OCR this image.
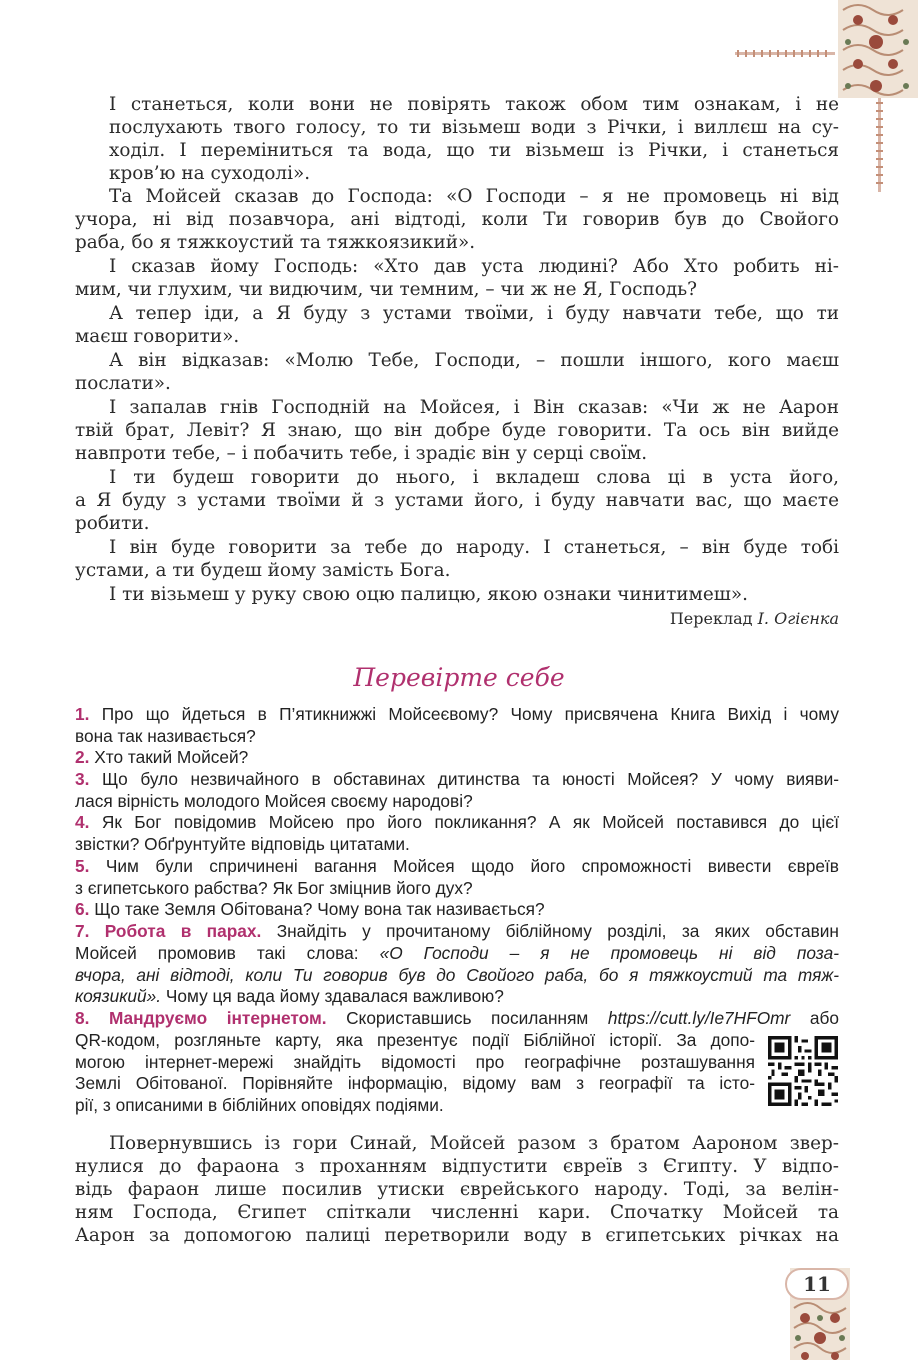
І станеться, коли вони не повірять також обом тим ознакам, і не
послухають твого голосу, то ти візьмеш води з Річки, і виллєш на су-
ходіл. І переміниться та вода, що ти візьмеш із Річки, і станеться
кров’ю на суходолі».

Та Мойсей сказав до Господа: «О Господи – я не промовець ні від
учора, ні від позавчора, ані відтоді, коли Ти говорив був до Свойого
раба, бо я тяжкоустий та тяжкоязикий».

І сказав йому Господь: «Хто дав уста людині? Або Хто робить ні-
мим, чи глухим, чи видючим, чи темним, – чи ж не Я, Господь?

А тепер іди, а Я буду з устами твоїми, і буду навчати тебе, що ти
маєш говорити».

А він відказав: «Молю Тебе, Господи, – пошли іншого, кого маєш
послати».

І запалав гнів Господній на Мойсея, і Він сказав: «Чи ж не Аарон
твій брат, Левіт? Я знаю, що він добре буде говорити. Та ось він вийде
навпроти тебе, – і побачить тебе, і зрадіє він у серці своїм.

І ти будеш говорити до нього, і вкладеш слова ці в уста його,
а Я буду з устами твоїми й з устами його, і буду навчати вас, що маєте
робити.

І він буде говорити за тебе до народу. І станеться, – він буде тобі
устами, а ти будеш йому замість Бога.

І ти візьмеш у руку свою оцю палицю, якою ознаки чинитимеш».

Переклад І. Огієнка
Перевірте себе

1. Про що йдеться в П’ятикнижжі Мойсеєвому? Чому присвячена Книга Вихід і чому
вона так називається?

2. Хто такий Мойсей?

3. Що було незвичайного в обставинах дитинства та юності Мойсея? У чому вияви-
лася вірність молодого Мойсея своєму народові?

4. Як Бог повідомив Мойсею про його покликання? А як Мойсей поставився до цієї
звістки? Обґрунтуйте відповідь цитатами.

5. Чим були спричинені вагання Мойсея щодо його спроможності вивести євреїв
з єгипетського рабства? Як Бог зміцнив його дух?

6. Що таке Земля Обітована? Чому вона так називається?

7. Робота в парах. Знайдіть у прочитаному біблійному розділі, за яких обставин
Мойсей промовив такі слова: «О Господи – я не промовець ні від поза-
вчора, ані відтоді, коли Ти говорив був до Свойого раба, бо я тяжкоустий та тяж-
коязикий». Чому ця вада йому здавалася важливою?

8. Мандруємо інтернетом. Скориставшись посиланням https://cutt.ly/Ie7HFOmr або
QR-кодом, розгляньте карту, яка презентує події Біблійної історії. За допо-
могою інтернет-мережі знайдіть відомості про географічне розташування
Землі Обітованої. Порівняйте інформацію, відому вам з географії та істо-
рії, з описаними в біблійних оповідях подіями.

Повернувшись із гори Синай, Мойсей разом з братом Аароном звер-
нулися до фараона з проханням відпустити євреїв з Єгипту. У відпо-
відь фараон лише посилив утиски єврейського народу. Тоді, за велін-
ням Господа, Єгипет спіткали численні кари. Спочатку Мойсей та
Аарон за допомогою палиці перетворили воду в єгипетських річках на

11
